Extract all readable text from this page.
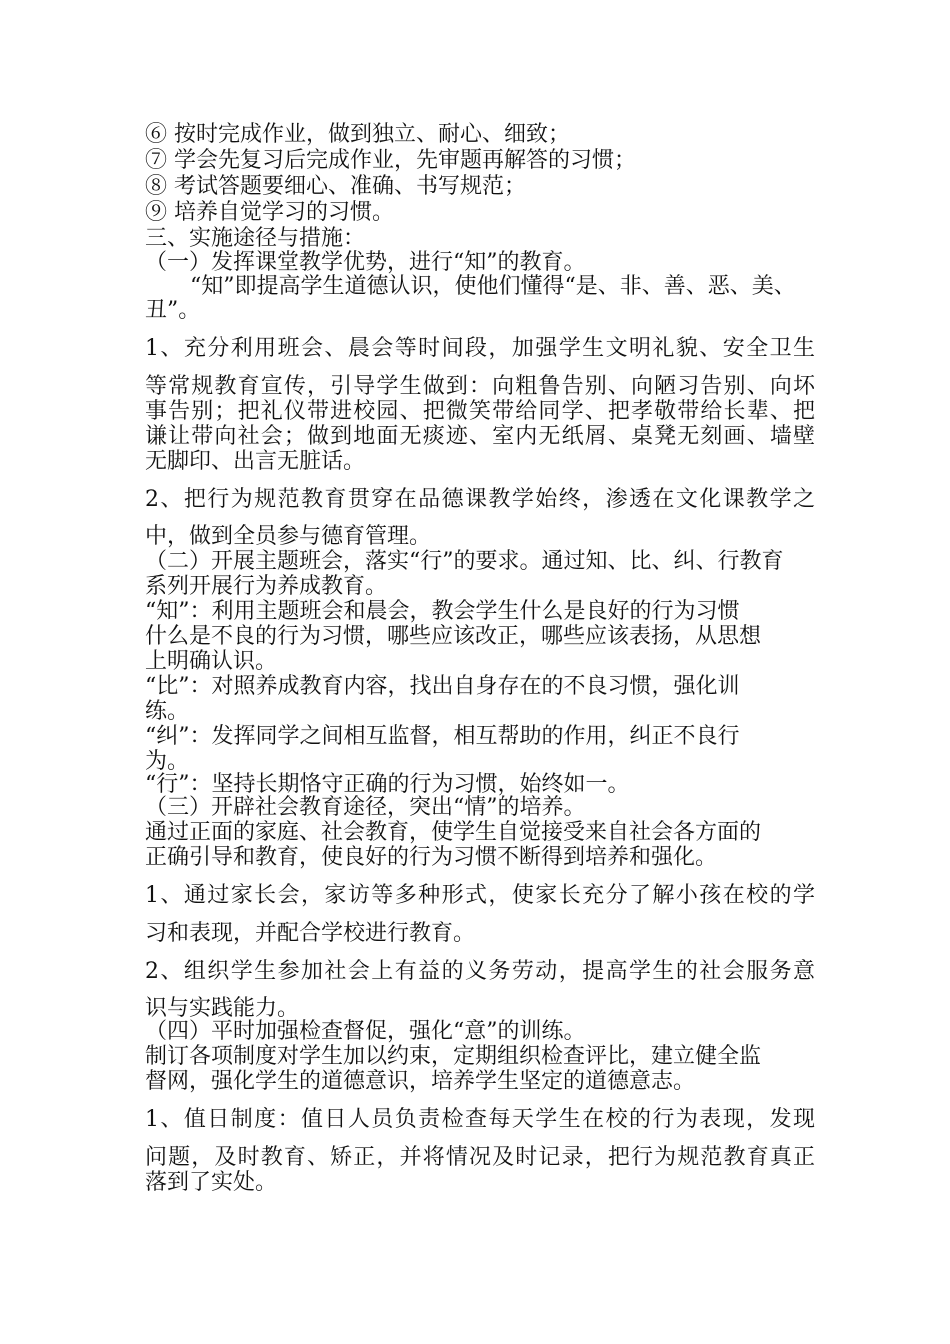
⑥ 按时完成作业，做到独立、耐心、细致；
⑦ 学会先复习后完成作业，先审题再解答的习惯；
⑧ 考试答题要细心、准确、书写规范；
⑨ 培养自觉学习的习惯。
三、实施途径与措施：
（一）发挥课堂教学优势，进行“知”的教育。
“知”即提高学生道德认识，使他们懂得“是、非、善、恶、美、
丑”。
1、充分利用班会、晨会等时间段，加强学生文明礼貌、安全卫生
等常规教育宣传，引导学生做到：向粗鲁告别、向陋习告别、向坏
事告别；把礼仪带进校园、把微笑带给同学、把孝敬带给长辈、把
谦让带向社会；做到地面无痰迹、室内无纸屑、桌凳无刻画、墙壁
无脚印、出言无脏话。
2、把行为规范教育贯穿在品德课教学始终，渗透在文化课教学之
中，做到全员参与德育管理。
（二）开展主题班会，落实“行”的要求。通过知、比、纠、行教育
系列开展行为养成教育。
“知”：利用主题班会和晨会，教会学生什么是良好的行为习惯
什么是不良的行为习惯，哪些应该改正，哪些应该表扬，从思想
上明确认识。
“比”：对照养成教育内容，找出自身存在的不良习惯，强化训
练。
“纠”：发挥同学之间相互监督，相互帮助的作用，纠正不良行
为。
“行”：坚持长期恪守正确的行为习惯，始终如一。
（三）开辟社会教育途径，突出“情”的培养。
通过正面的家庭、社会教育，使学生自觉接受来自社会各方面的
正确引导和教育，使良好的行为习惯不断得到培养和强化。
1、通过家长会，家访等多种形式，使家长充分了解小孩在校的学
习和表现，并配合学校进行教育。
2、组织学生参加社会上有益的义务劳动，提高学生的社会服务意
识与实践能力。
（四）平时加强检查督促，强化“意”的训练。
制订各项制度对学生加以约束，定期组织检查评比，建立健全监
督网，强化学生的道德意识，培养学生坚定的道德意志。
1、值日制度：值日人员负责检查每天学生在校的行为表现，发现
问题，及时教育、矫正，并将情况及时记录，把行为规范教育真正
落到了实处。
